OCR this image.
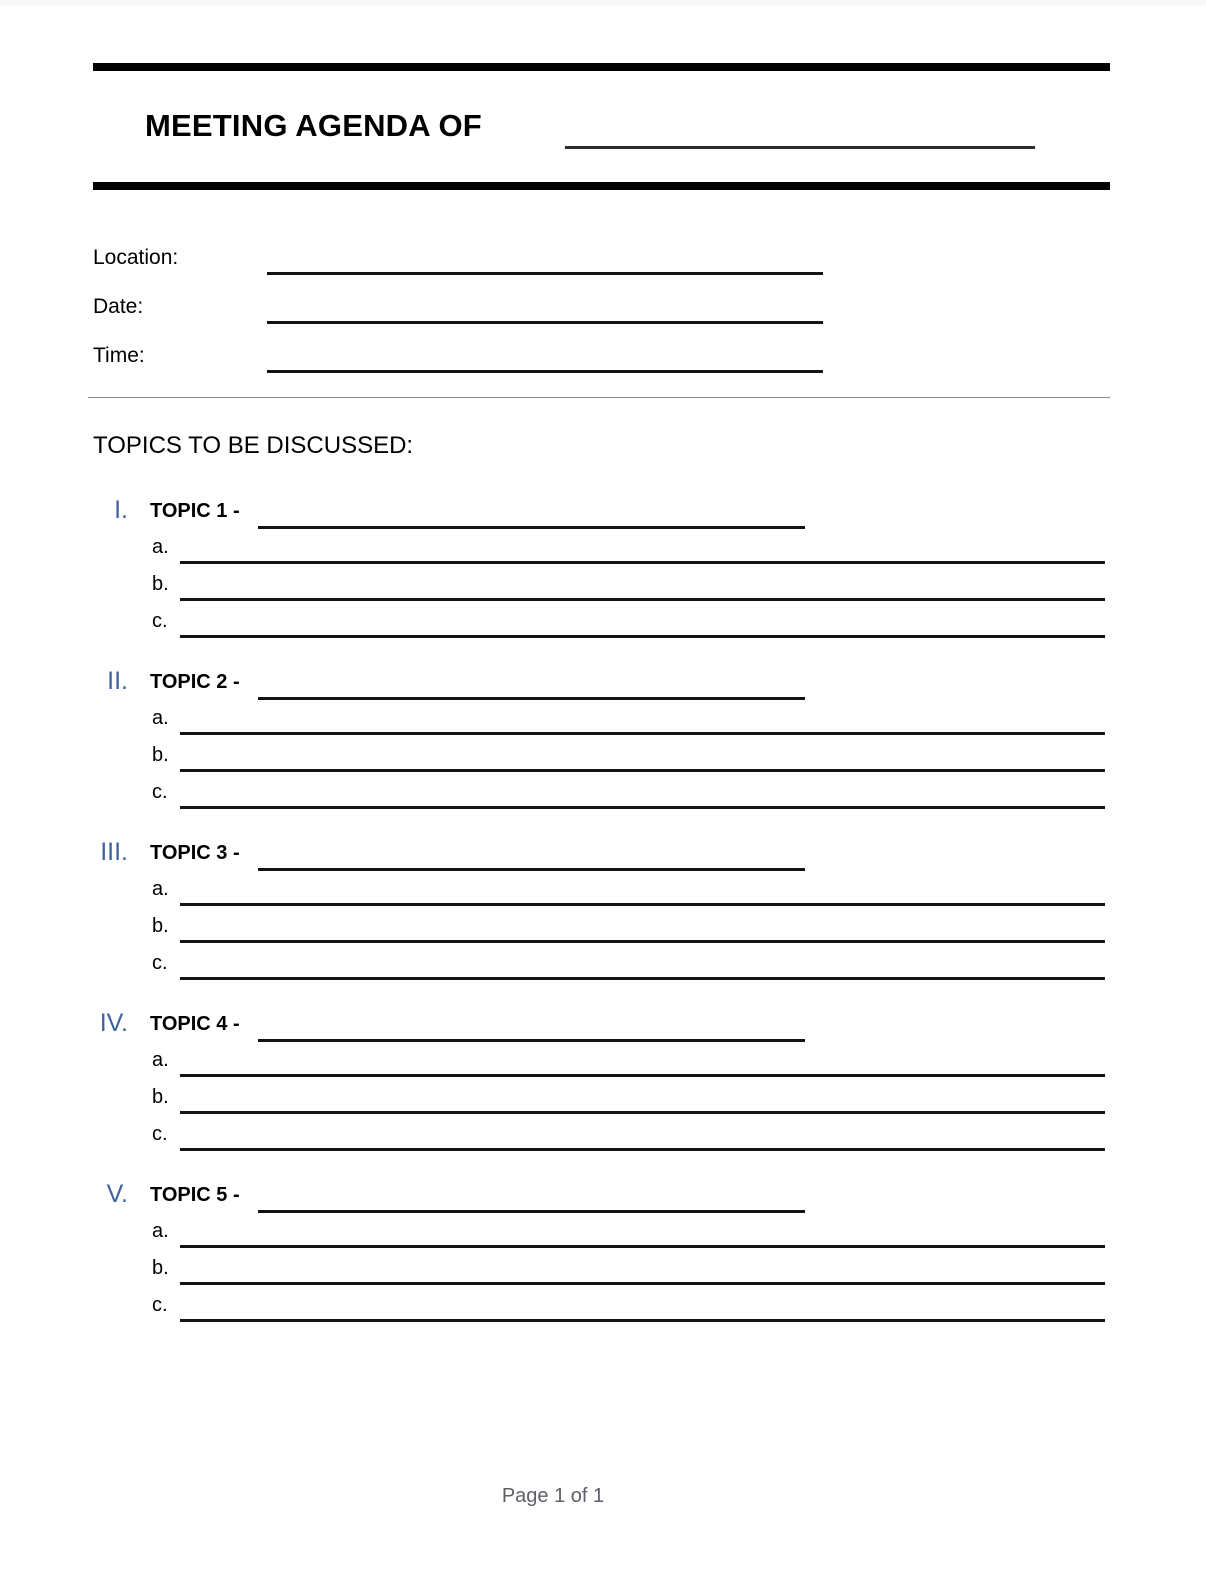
MEETING AGENDA OF
Location:
Date:
Time:
TOPICS TO BE DISCUSSED:
I. TOPIC 1 -
a.
b.
c.
II. TOPIC 2 -
a.
b.
c.
III. TOPIC 3 -
a.
b.
c.
IV. TOPIC 4 -
a.
b.
c.
V. TOPIC 5 -
a.
b.
c.
Page 1 of 1
